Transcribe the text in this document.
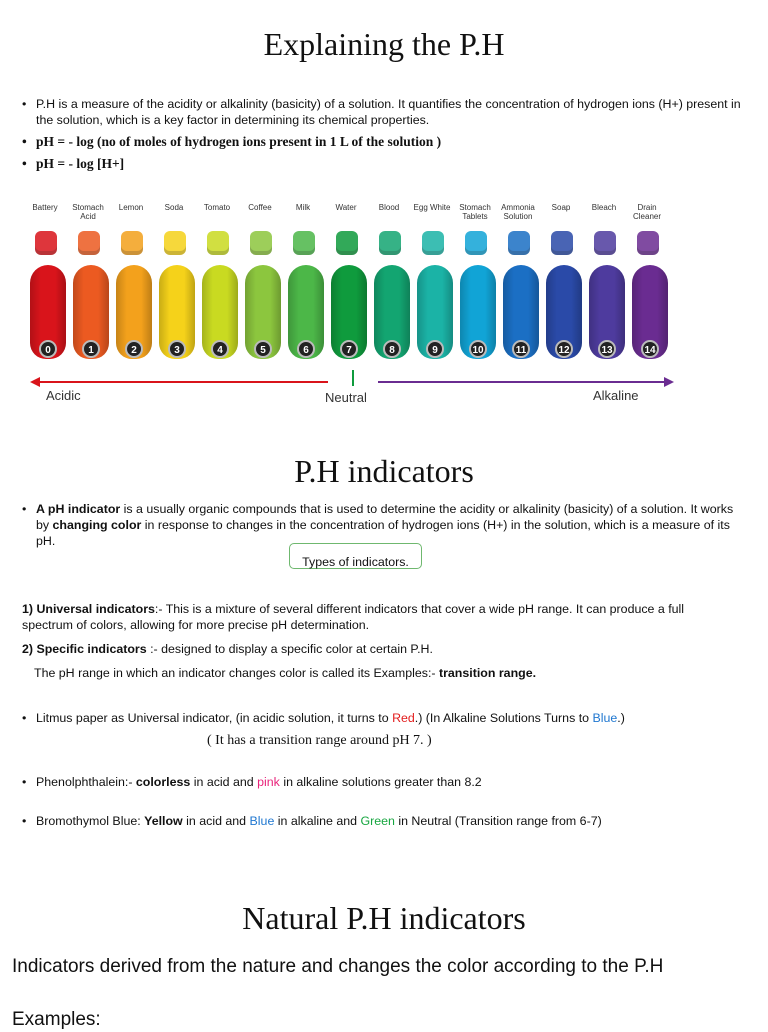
Explaining the P.H
• P.H is a measure of the acidity or alkalinity (basicity) of a solution. It quantifies the concentration of hydrogen ions (H+) present in the solution, which is a key factor in determining its chemical properties.
• pH = - log (no of moles of hydrogen ions present in 1 L of the solution )
• pH = - log [H+]
Battery
0
Stomach Acid
1
Lemon
2
Soda
3
Tomato
4
Coffee
5
Milk
6
Water
7
Blood
8
Egg White
9
Stomach Tablets
10
Ammonia Solution
11
Soap
12
Bleach
13
Drain Cleaner
14
Acidic	Neutral	Alkaline
P.H indicators
• A pH indicator is a usually organic compounds that is used to determine the acidity or alkalinity (basicity) of a solution. It works by changing color in response to changes in the concentration of hydrogen ions (H+) in the solution, which is a measure of its pH.
Types of indicators.
1) Universal indicators:- This is a mixture of several different indicators that cover a wide pH range. It can produce a full spectrum of colors, allowing for more precise pH determination.
2) Specific indicators :- designed to display a specific color at certain P.H.
The pH range in which an indicator changes color is called its Examples:- transition range.
• Litmus paper as Universal indicator, (in acidic solution, it turns to Red.) (In Alkaline Solutions Turns to Blue.)
( It has a transition range around pH 7. )
• Phenolphthalein:- colorless in acid and pink in alkaline solutions greater than 8.2
• Bromothymol Blue: Yellow in acid and Blue in alkaline and Green in Neutral (Transition range from 6-7)
Natural P.H indicators
Indicators derived from the nature and changes the color according to the P.H
Examples:
